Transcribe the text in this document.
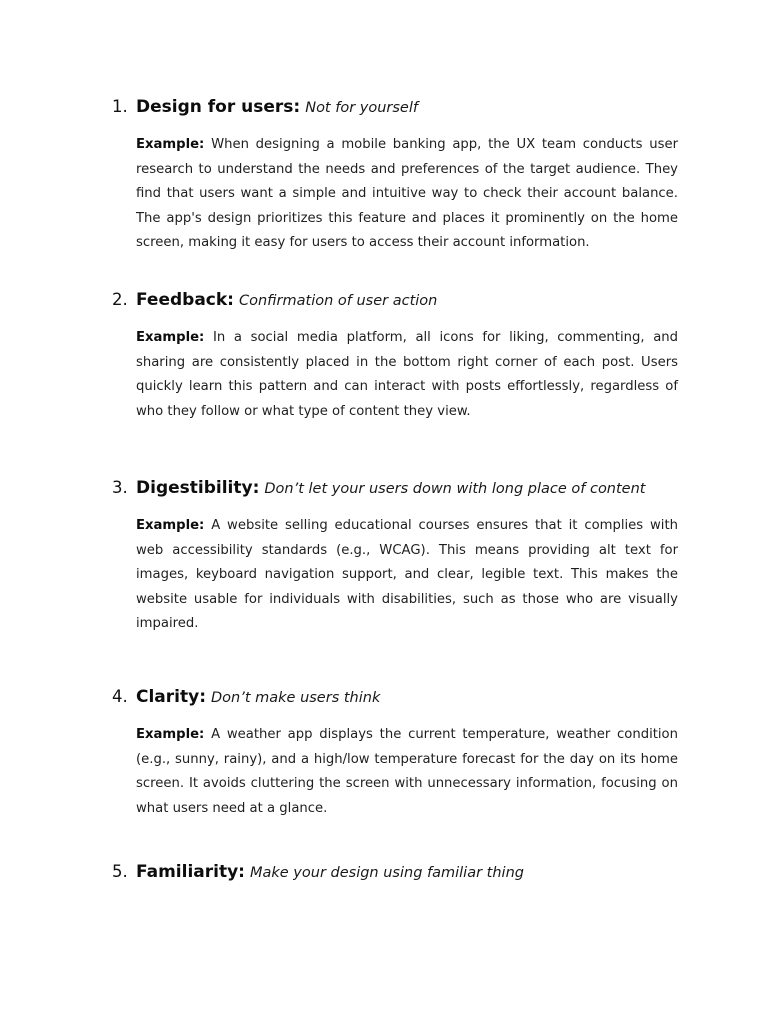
1. Design for users: Not for yourself

Example: When designing a mobile banking app, the UX team conducts user research to understand the needs and preferences of the target audience. They find that users want a simple and intuitive way to check their account balance. The app's design prioritizes this feature and places it prominently on the home screen, making it easy for users to access their account information.

2. Feedback: Confirmation of user action

Example: In a social media platform, all icons for liking, commenting, and sharing are consistently placed in the bottom right corner of each post. Users quickly learn this pattern and can interact with posts effortlessly, regardless of who they follow or what type of content they view.

3. Digestibility: Don’t let your users down with long place of content

Example: A website selling educational courses ensures that it complies with web accessibility standards (e.g., WCAG). This means providing alt text for images, keyboard navigation support, and clear, legible text. This makes the website usable for individuals with disabilities, such as those who are visually impaired.

4. Clarity: Don’t make users think

Example: A weather app displays the current temperature, weather condition (e.g., sunny, rainy), and a high/low temperature forecast for the day on its home screen. It avoids cluttering the screen with unnecessary information, focusing on what users need at a glance.

5. Familiarity: Make your design using familiar thing
